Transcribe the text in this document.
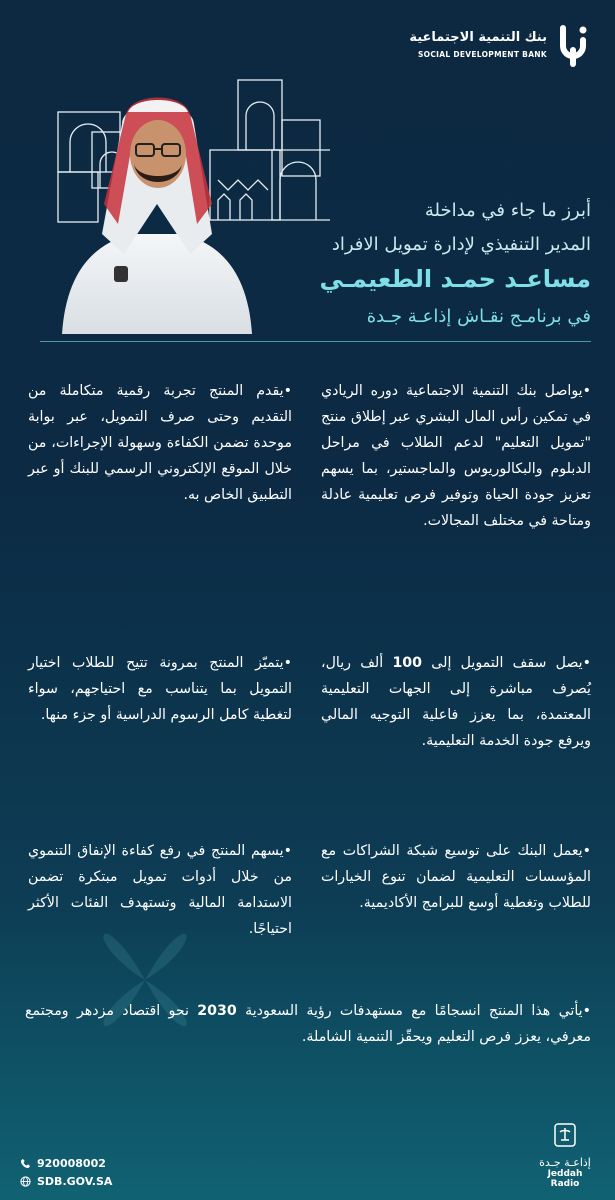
بنك التنمية الاجتماعية
SOCIAL DEVELOPMENT BANK
أبرز ما جاء في مداخلة
المدير التنفيذي لإدارة تمويل الافراد
مساعـد حمـد الطعيمـي
في برنامـج نقـاش إذاعـة جـدة
•يواصل بنك التنمية الاجتماعية دوره الريادي في تمكين رأس المال البشري عبر إطلاق منتج "تمويل التعليم" لدعم الطلاب في مراحل الدبلوم والبكالوريوس والماجستير، بما يسهم تعزيز جودة الحياة وتوفير فرص تعليمية عادلة ومتاحة في مختلف المجالات.
•يقدم المنتج تجربة رقمية متكاملة من التقديم وحتى صرف التمويل، عبر بوابة موحدة تضمن الكفاءة وسهولة الإجراءات، من خلال الموقع الإلكتروني الرسمي للبنك أو عبر التطبيق الخاص به.
•يصل سقف التمويل إلى 100 ألف ريال، يُصرف مباشرة إلى الجهات التعليمية المعتمدة، بما يعزز فاعلية التوجيه المالي ويرفع جودة الخدمة التعليمية.
•يتميّز المنتج بمرونة تتيح للطلاب اختيار التمويل بما يتناسب مع احتياجهم، سواء لتغطية كامل الرسوم الدراسية أو جزء منها.
•يعمل البنك على توسيع شبكة الشراكات مع المؤسسات التعليمية لضمان تنوع الخيارات للطلاب وتغطية أوسع للبرامج الأكاديمية.
•يسهم المنتج في رفع كفاءة الإنفاق التنموي من خلال أدوات تمويل مبتكرة تضمن الاستدامة المالية وتستهدف الفئات الأكثر احتياجًا.
•يأتي هذا المنتج انسجامًا مع مستهدفات رؤية السعودية 2030 نحو اقتصاد مزدهر ومجتمع معرفي، يعزز فرص التعليم ويحقّز التنمية الشاملة.
920008002
SDB.GOV.SA
إذاعـة جـدة
Jeddah Radio
